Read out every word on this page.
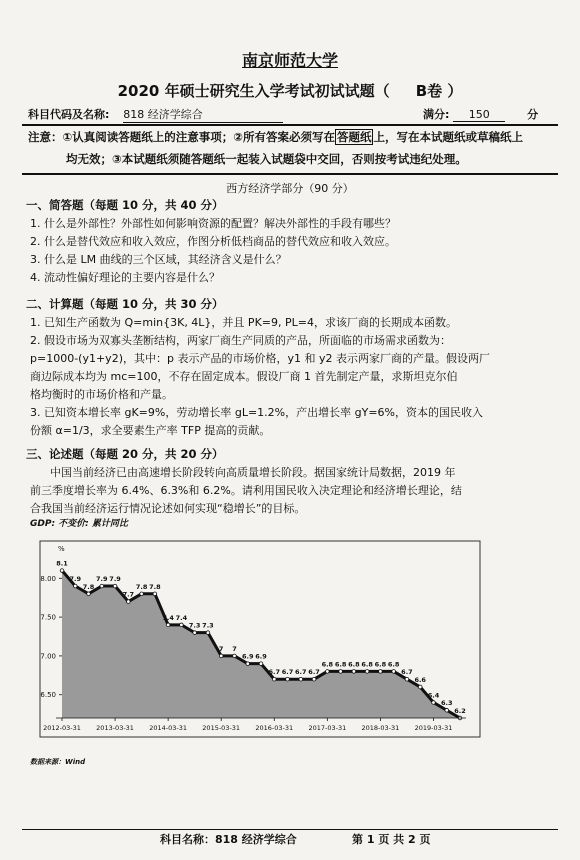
南京师范大学
2020 年硕士研究生入学考试初试试题（ B卷 ）
科目代码及名称: 818 经济学综合	满分: 150	分
注意：①认真阅读答题纸上的注意事项；②所有答案必须写在 答题纸 上，写在本试题纸或草稿纸上
均无效；③本试题纸须随答题纸一起装入试题袋中交回，否则按考试违纪处理。
西方经济学部分（90 分）
一、简答题（每题 10 分，共 40 分）
1. 什么是外部性？外部性如何影响资源的配置？解决外部性的手段有哪些？
2. 什么是替代效应和收入效应，作图分析低档商品的替代效应和收入效应。
3. 什么是 LM 曲线的三个区域，其经济含义是什么？
4. 流动性偏好理论的主要内容是什么？
二、计算题（每题 10 分，共 30 分）
1. 已知生产函数为 Q=min{3K, 4L}，并且 PK=9, PL=4，求该厂商的长期成本函数。
2. 假设市场为双寡头垄断结构，两家厂商生产同质的产品，所面临的市场需求函数为：
p=1000-(y1+y2)，其中：p 表示产品的市场价格，y1 和 y2 表示两家厂商的产量。假设两厂
商边际成本均为 mc=100，不存在固定成本。假设厂商 1 首先制定产量，求斯坦克尔伯
格均衡时的市场价格和产量。
3. 已知资本增长率 gK=9%，劳动增长率 gL=1.2%，产出增长率 gY=6%，资本的国民收入
份额 α=1/3，求全要素生产率 TFP 提高的贡献。
三、论述题（每题 20 分，共 20 分）
中国当前经济已由高速增长阶段转向高质量增长阶段。据国家统计局数据，2019 年
前三季度增长率为 6.4%、6.3%和 6.2%。请利用国民收入决定理论和经济增长理论，结
合我国当前经济运行情况论述如何实现“稳增长”的目标。
GDP: 不变价: 累计同比
%
8.1
7.9
7.8
7.9 7.9
7.7
7.8 7.8
7.4 7.4
7.3 7.3
7 7
6.9 6.9
6.7 6.7 6.7 6.7
6.8 6.8 6.8 6.8 6.8 6.8
6.7
6.6
6.4
6.3
6.2
8.00
7.50
7.00
6.50
2012-03-31 2013-03-31 2014-03-31 2015-03-31 2016-03-31 2017-03-31 2018-03-31 2019-03-31
数据来源：Wind
科目名称：818 经济学综合	第 1 页 共 2 页
